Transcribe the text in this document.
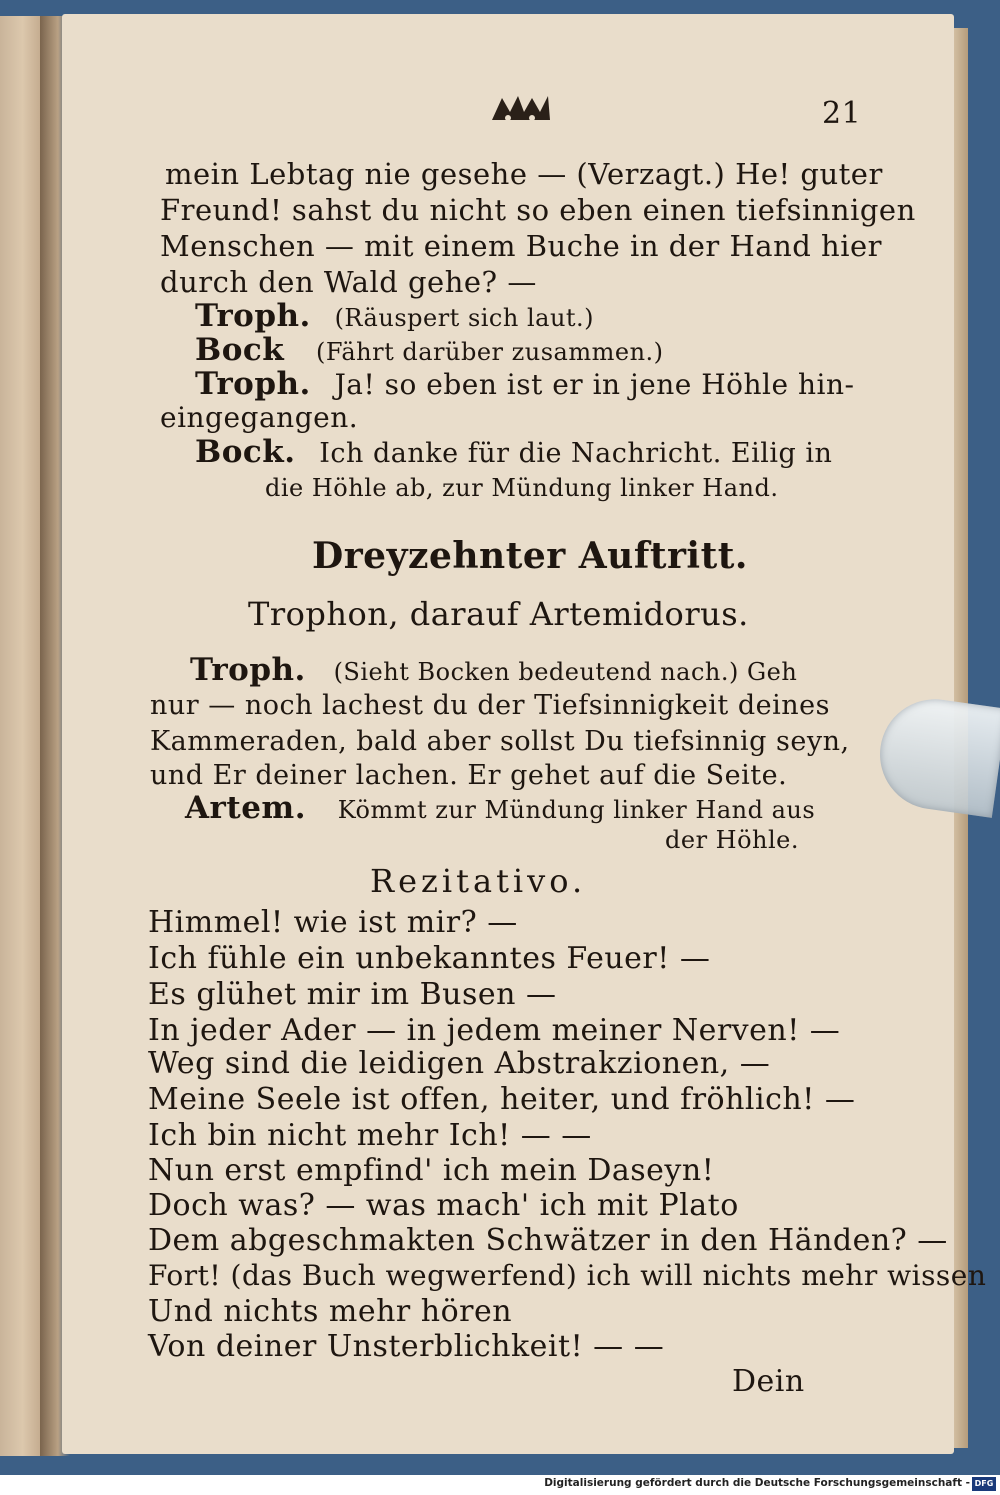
21
mein Lebtag nie gesehe — (Verzagt.) He! guter
Freund! sahst du nicht so eben einen tiefsinnigen
Menschen — mit einem Buche in der Hand hier
durch den Wald gehe? —
Troph. (Räuspert sich laut.)
Bock (Fährt darüber zusammen.)
Troph. Ja! so eben ist er in jene Höhle hin-
eingegangen.
Bock. Ich danke für die Nachricht. Eilig in
die Höhle ab, zur Mündung linker Hand.
Dreyzehnter Auftritt.
Trophon, darauf Artemidorus.
Troph. (Sieht Bocken bedeutend nach.) Geh
nur — noch lachest du der Tiefsinnigkeit deines
Kammeraden, bald aber sollst Du tiefsinnig seyn,
und Er deiner lachen. Er gehet auf die Seite.
Artem. Kömmt zur Mündung linker Hand aus
der Höhle.
Rezitativo.
Himmel! wie ist mir? —
Ich fühle ein unbekanntes Feuer! —
Es glühet mir im Busen —
In jeder Ader — in jedem meiner Nerven! —
Weg sind die leidigen Abstrakzionen, —
Meine Seele ist offen, heiter, und fröhlich! —
Ich bin nicht mehr Ich! — —
Nun erst empfind' ich mein Daseyn!
Doch was? — was mach' ich mit Plato
Dem abgeschmakten Schwätzer in den Händen? —
Fort! (das Buch wegwerfend) ich will nichts mehr wissen
Und nichts mehr hören
Von deiner Unsterblichkeit! — —
Dein
Digitalisierung gefördert durch die Deutsche Forschungsgemeinschaft - DFG
